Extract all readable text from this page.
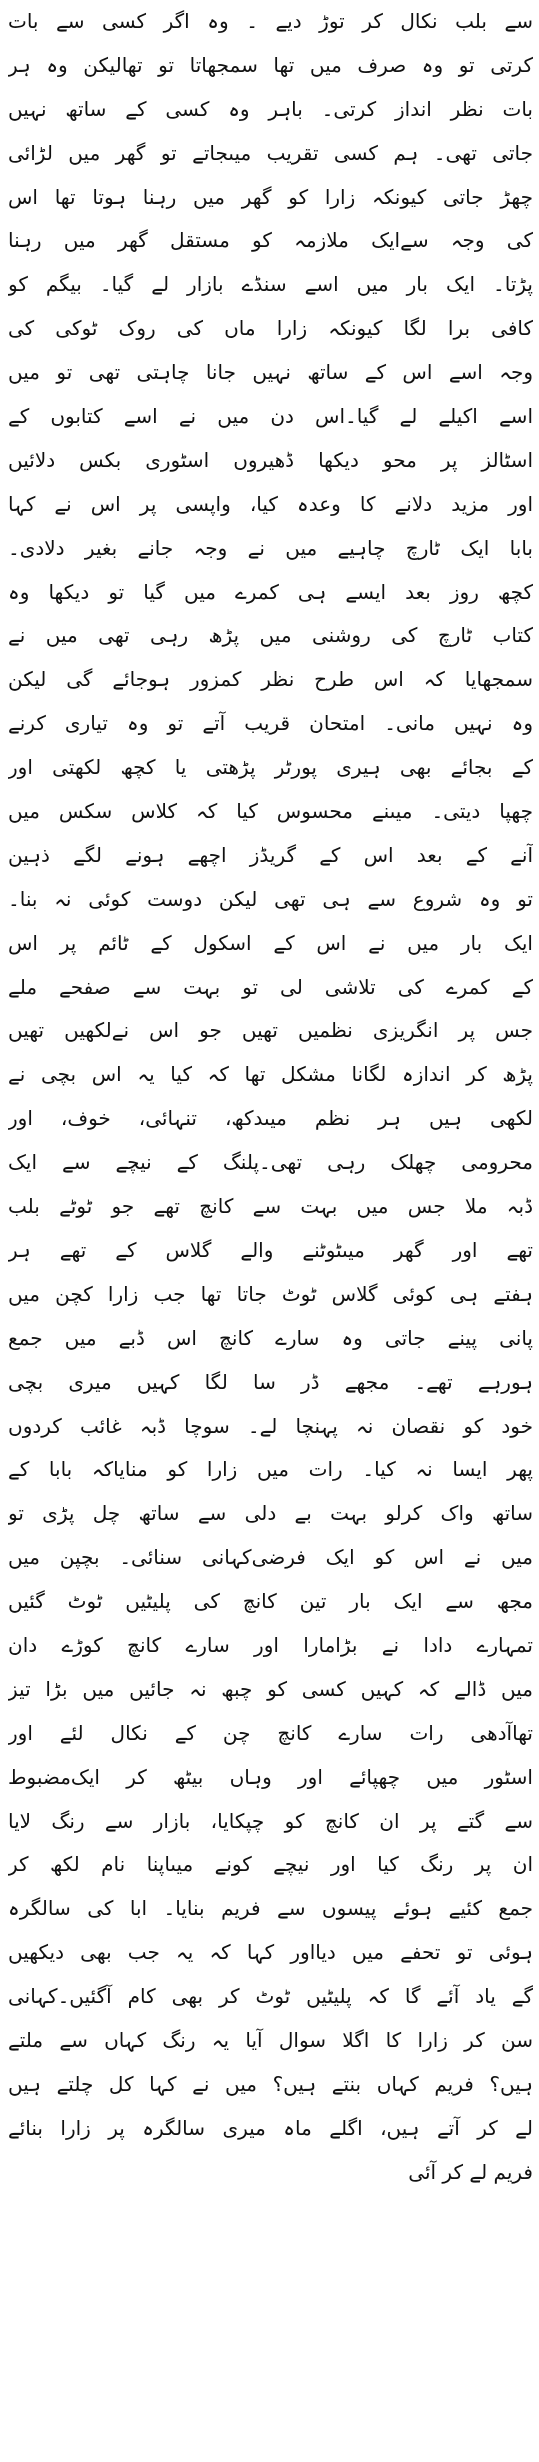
سے بلب نکال کر توڑ دیے ۔ وہ اگر کسی سے بات
کرتی تو وہ صرف میں تھا سمجھاتا تو تھالیکن وہ ہر
بات نظر انداز کرتی۔ باہر وہ کسی کے ساتھ نہیں
جاتی تھی۔ ہم کسی تقریب میںجاتے تو گھر میں لڑائی
چھڑ جاتی کیونکہ زارا کو گھر میں رہنا ہوتا تھا اس
کی وجہ سےایک ملازمہ کو مستقل گھر میں رہنا
پڑتا۔ ایک بار میں اسے سنڈے بازار لے گیا۔ بیگم کو
کافی برا لگا کیونکہ زارا ماں کی روک ٹوکی کی
وجہ اسے اس کے ساتھ نہیں جانا چاہتی تھی تو میں
اسے اکیلے لے گیا۔اس دن میں نے اسے کتابوں کے
اسٹالز پر محو دیکھا ڈھیروں اسٹوری بکس دلائیں
اور مزید دلانے کا وعدہ کیا، واپسی پر اس نے کہا
بابا ایک ٹارچ چاہیے میں نے وجہ جانے بغیر دلادی۔
کچھ روز بعد ایسے ہی کمرے میں گیا تو دیکھا وہ
کتاب ٹارچ کی روشنی میں پڑھ رہی تھی میں نے
سمجھایا کہ اس طرح نظر کمزور ہوجائے گی لیکن
وہ نہیں مانی۔ امتحان قریب آتے تو وہ تیاری کرنے
کے بجائے بھی ہیری پورٹر پڑھتی یا کچھ لکھتی اور
چھپا دیتی۔ میںنے محسوس کیا کہ کلاس سکس میں
آنے کے بعد اس کے گریڈز اچھے ہونے لگے ذہین
تو وہ شروع سے ہی تھی لیکن دوست کوئی نہ بنا۔
ایک بار میں نے اس کے اسکول کے ٹائم پر اس
کے کمرے کی تلاشی لی تو بہت سے صفحے ملے
جس پر انگریزی نظمیں تھیں جو اس نےلکھیں تھیں
پڑھ کر اندازہ لگانا مشکل تھا کہ کیا یہ اس بچی نے
لکھی ہیں ہر نظم میںدکھ، تنہائی، خوف، اور
محرومی چھلک رہی تھی۔پلنگ کے نیچے سے ایک
ڈبہ ملا جس میں بہت سے کانچ تھے جو ٹوٹے بلب
تھے اور گھر میںٹوٹنے والے گلاس کے تھے ہر
ہفتے ہی کوئی گلاس ٹوٹ جاتا تھا جب زارا کچن میں
پانی پینے جاتی وہ سارے کانچ اس ڈبے میں جمع
ہورہے تھے۔ مجھے ڈر سا لگا کہیں میری بچی
خود کو نقصان نہ پہنچا لے۔ سوچا ڈبہ غائب کردوں
پھر ایسا نہ کیا۔ رات میں زارا کو منایاکہ بابا کے
ساتھ واک کرلو بہت بے دلی سے ساتھ چل پڑی تو
میں نے اس کو ایک فرضی‌کہانی سنائی۔ بچپن میں
مجھ سے ایک بار تین کانچ کی پلیٹیں ٹوٹ گئیں
تمہارے دادا نے بڑامارا اور سارے کانچ کوڑے دان
میں ڈالے کہ کہیں کسی کو چبھ نہ جائیں میں بڑا تیز
تھاآدھی رات سارے کانچ چن کے نکال لئے اور
اسٹور میں چھپائے اور وہاں بیٹھ کر ایک‌مضبوط
سے گتے پر ان کانچ کو چپکایا، بازار سے رنگ لایا
ان پر رنگ کیا اور نیچے کونے میںاپنا نام لکھ کر
جمع کئیے ہوئے پیسوں سے فریم بنایا۔ ابا کی سالگرہ
ہوئی تو تحفے میں دیااور کہا کہ یہ جب بھی دیکھیں
گے یاد آئے گا کہ پلیٹیں ٹوٹ کر بھی کام آگئیں۔کہانی
سن کر زارا کا اگلا سوال آیا یہ رنگ کہاں سے ملتے
ہیں؟ فریم کہاں بنتے ہیں؟ میں نے کہا کل چلتے ہیں
لے کر آتے ہیں، اگلے ماہ میری سالگرہ پر زارا بنائے
فریم لے کر آئی
